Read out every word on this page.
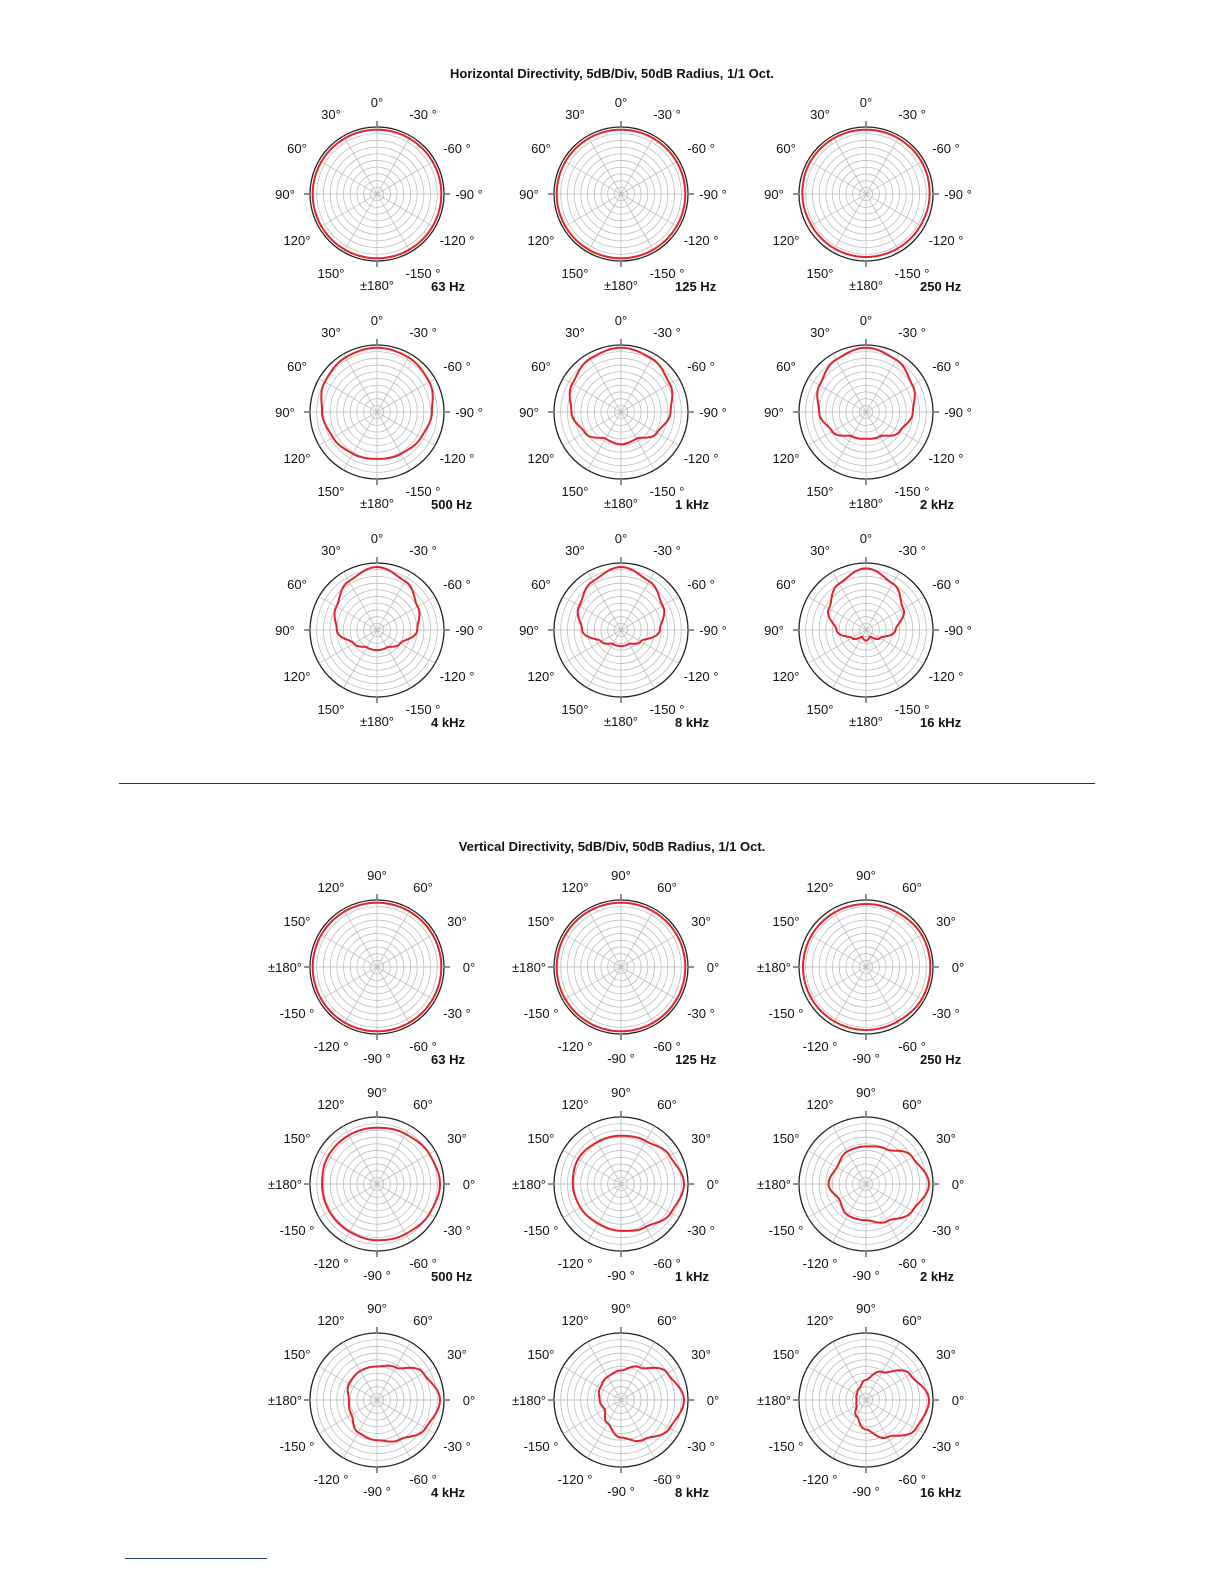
Horizontal Directivity, 5dB/Div, 50dB Radius, 1/1 Oct.
Vertical Directivity, 5dB/Div, 50dB Radius, 1/1 Oct.
0°
30°	-30 °
60°	-60 °
90°	-90 °
120°	-120 °
150°	-150 °
±180°	63 Hz
0°
30°	-30 °
60°	-60 °
90°	-90 °
120°	-120 °
150°	-150 °
±180°	125 Hz
0°
30°	-30 °
60°	-60 °
90°	-90 °
120°	-120 °
150°	-150 °
±180°	250 Hz
0°
30°	-30 °
60°	-60 °
90°	-90 °
120°	-120 °
150°	-150 °
±180°	500 Hz
0°
30°	-30 °
60°	-60 °
90°	-90 °
120°	-120 °
150°	-150 °
±180°	1 kHz
0°
30°	-30 °
60°	-60 °
90°	-90 °
120°	-120 °
150°	-150 °
±180°	2 kHz
0°
30°	-30 °
60°	-60 °
90°	-90 °
120°	-120 °
150°	-150 °
±180°	4 kHz
0°
30°	-30 °
60°	-60 °
90°	-90 °
120°	-120 °
150°	-150 °
±180°	8 kHz
0°
30°	-30 °
60°	-60 °
90°	-90 °
120°	-120 °
150°	-150 °
±180°	16 kHz
90°
120°	60°
150°	30°
±180°	0°
-150 °	-30 °
-120 °	-60 °
-90 °	63 Hz
90°
120°	60°
150°	30°
±180°	0°
-150 °	-30 °
-120 °	-60 °
-90 °	125 Hz
90°
120°	60°
150°	30°
±180°	0°
-150 °	-30 °
-120 °	-60 °
-90 °	250 Hz
90°
120°	60°
150°	30°
±180°	0°
-150 °	-30 °
-120 °	-60 °
-90 °	500 Hz
90°
120°	60°
150°	30°
±180°	0°
-150 °	-30 °
-120 °	-60 °
-90 °	1 kHz
90°
120°	60°
150°	30°
±180°	0°
-150 °	-30 °
-120 °	-60 °
-90 °	2 kHz
90°
120°	60°
150°	30°
±180°	0°
-150 °	-30 °
-120 °	-60 °
-90 °	4 kHz
90°
120°	60°
150°	30°
±180°	0°
-150 °	-30 °
-120 °	-60 °
-90 °	8 kHz
90°
120°	60°
150°	30°
±180°	0°
-150 °	-30 °
-120 °	-60 °
-90 °	16 kHz
